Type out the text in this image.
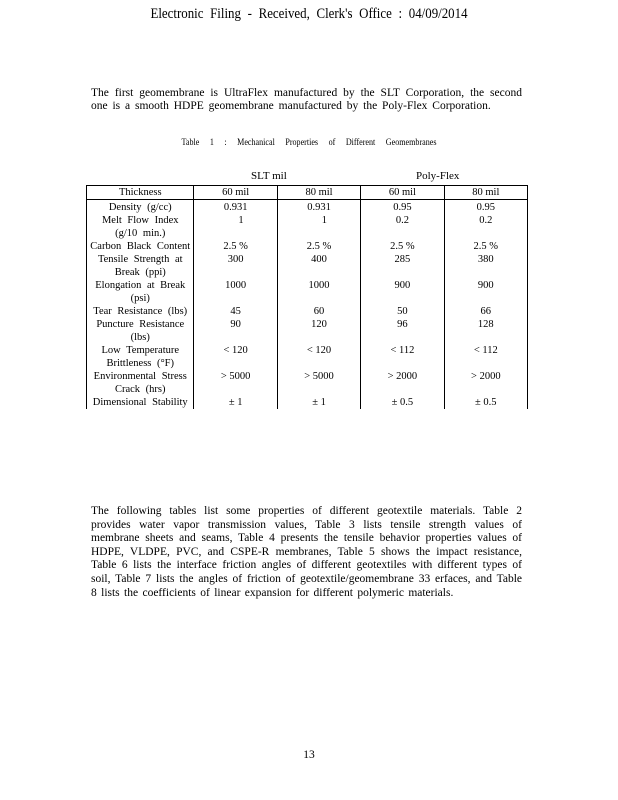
Electronic Filing - Received, Clerk's Office : 04/09/2014

The first geomembrane is UltraFlex manufactured by the SLT Corporation, the second one is a smooth HDPE geomembrane manufactured by the Poly-Flex Corporation.

Table 1 : Mechanical Properties of Different Geomembranes
SLT mil	Poly-Flex
Thickness	60 mil	80 mil	60 mil	80 mil
Density (g/cc)	0.931	0.931	0.95	0.95
Melt Flow Index (g/10 min.)	1	1	0.2	0.2
Carbon Black Content	2.5 %	2.5 %	2.5 %	2.5 %
Tensile Strength at Break (ppi)	300	400	285	380
Elongation at Break (psi)	1000	1000	900	900
Tear Resistance (lbs)	45	60	50	66
Puncture Resistance (lbs)	90	120	96	128
Low Temperature Brittleness (°F)	< 120	< 120	< 112	< 112
Environmental Stress Crack (hrs)	> 5000	> 5000	> 2000	> 2000
Dimensional Stability	± 1	± 1	± 0.5	± 0.5

The following tables list some properties of different geotextile materials. Table 2 provides water vapor transmission values, Table 3 lists tensile strength values of membrane sheets and seams, Table 4 presents the tensile behavior properties values of HDPE, VLDPE, PVC, and CSPE-R membranes, Table 5 shows the impact resistance, Table 6 lists the interface friction angles of different geotextiles with different types of soil, Table 7 lists the angles of friction of geotextile/geomembrane 33 erfaces, and Table 8 lists the coefficients of linear expansion for different polymeric materials.

13
